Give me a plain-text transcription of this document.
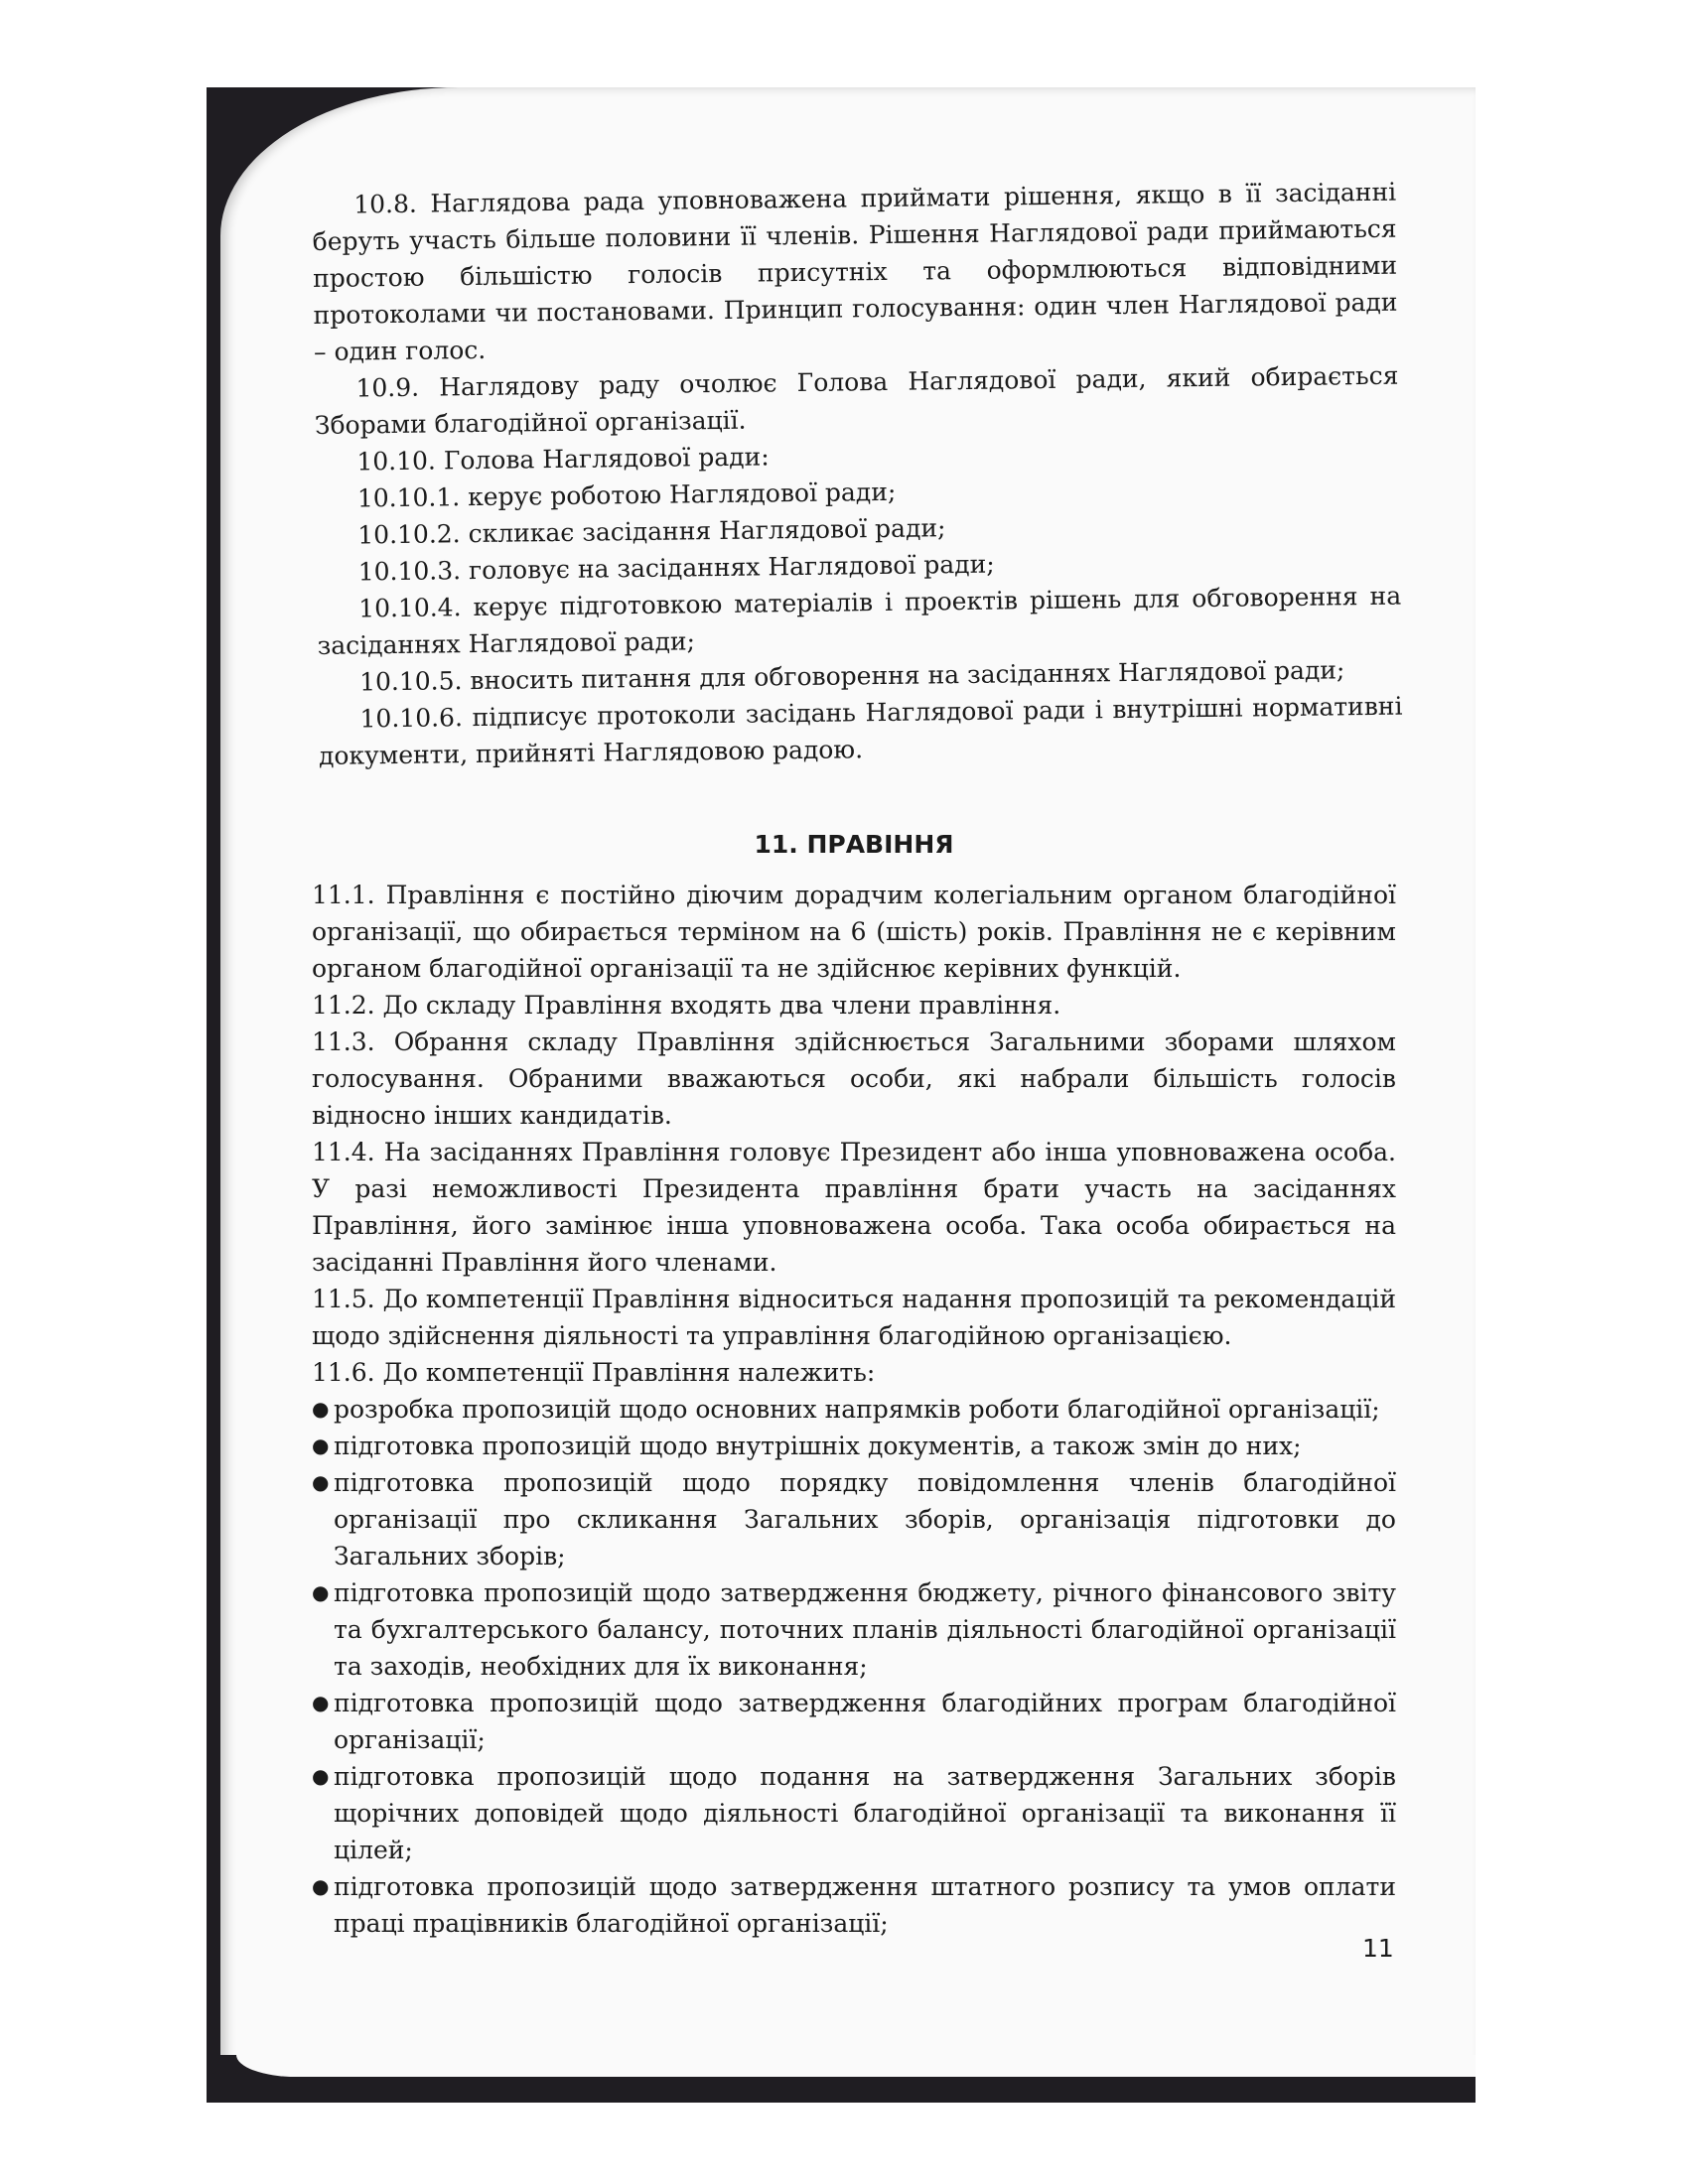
10.8. Наглядова рада уповноважена приймати рішення, якщо в її засіданні беруть участь більше половини її членів. Рішення Наглядової ради приймаються простою більшістю голосів присутніх та оформлюються відповідними протоколами чи постановами. Принцип голосування: один член Наглядової ради – один голос.

10.9. Наглядову раду очолює Голова Наглядової ради, який обирається Зборами благодійної організації.

10.10. Голова Наглядової ради:

10.10.1. керує роботою Наглядової ради;

10.10.2. скликає засідання Наглядової ради;

10.10.3. головує на засіданнях Наглядової ради;

10.10.4. керує підготовкою матеріалів і проектів рішень для обговорення на засіданнях Наглядової ради;

10.10.5. вносить питання для обговорення на засіданнях Наглядової ради;

10.10.6. підписує протоколи засідань Наглядової ради і внутрішні нормативні документи, прийняті Наглядовою радою.

11. ПРАВІННЯ

11.1. Правління є постійно діючим дорадчим колегіальним органом благодійної організації, що обирається терміном на 6 (шість) років. Правління не є керівним органом благодійної організації та не здійснює керівних функцій.

11.2. До складу Правління входять два члени правління.

11.3. Обрання складу Правління здійснюється Загальними зборами шляхом голосування. Обраними вважаються особи, які набрали більшість голосів відносно інших кандидатів.

11.4. На засіданнях Правління головує Президент або інша уповноважена особа. У разі неможливості Президента правління брати участь на засіданнях Правління, його замінює інша уповноважена особа. Така особа обирається на засіданні Правління його членами.

11.5. До компетенції Правління відноситься надання пропозицій та рекомендацій щодо здійснення діяльності та управління благодійною організацією.

11.6. До компетенції Правління належить:

● розробка пропозицій щодо основних напрямків роботи благодійної організації;
● підготовка пропозицій щодо внутрішніх документів, а також змін до них;
● підготовка пропозицій щодо порядку повідомлення членів благодійної організації про скликання Загальних зборів, організація підготовки до Загальних зборів;
● підготовка пропозицій щодо затвердження бюджету, річного фінансового звіту та бухгалтерського балансу, поточних планів діяльності благодійної організації та заходів, необхідних для їх виконання;
● підготовка пропозицій щодо затвердження благодійних програм благодійної організації;
● підготовка пропозицій щодо подання на затвердження Загальних зборів щорічних доповідей щодо діяльності благодійної організації та виконання її цілей;
● підготовка пропозицій щодо затвердження штатного розпису та умов оплати праці працівників благодійної організації;
11
